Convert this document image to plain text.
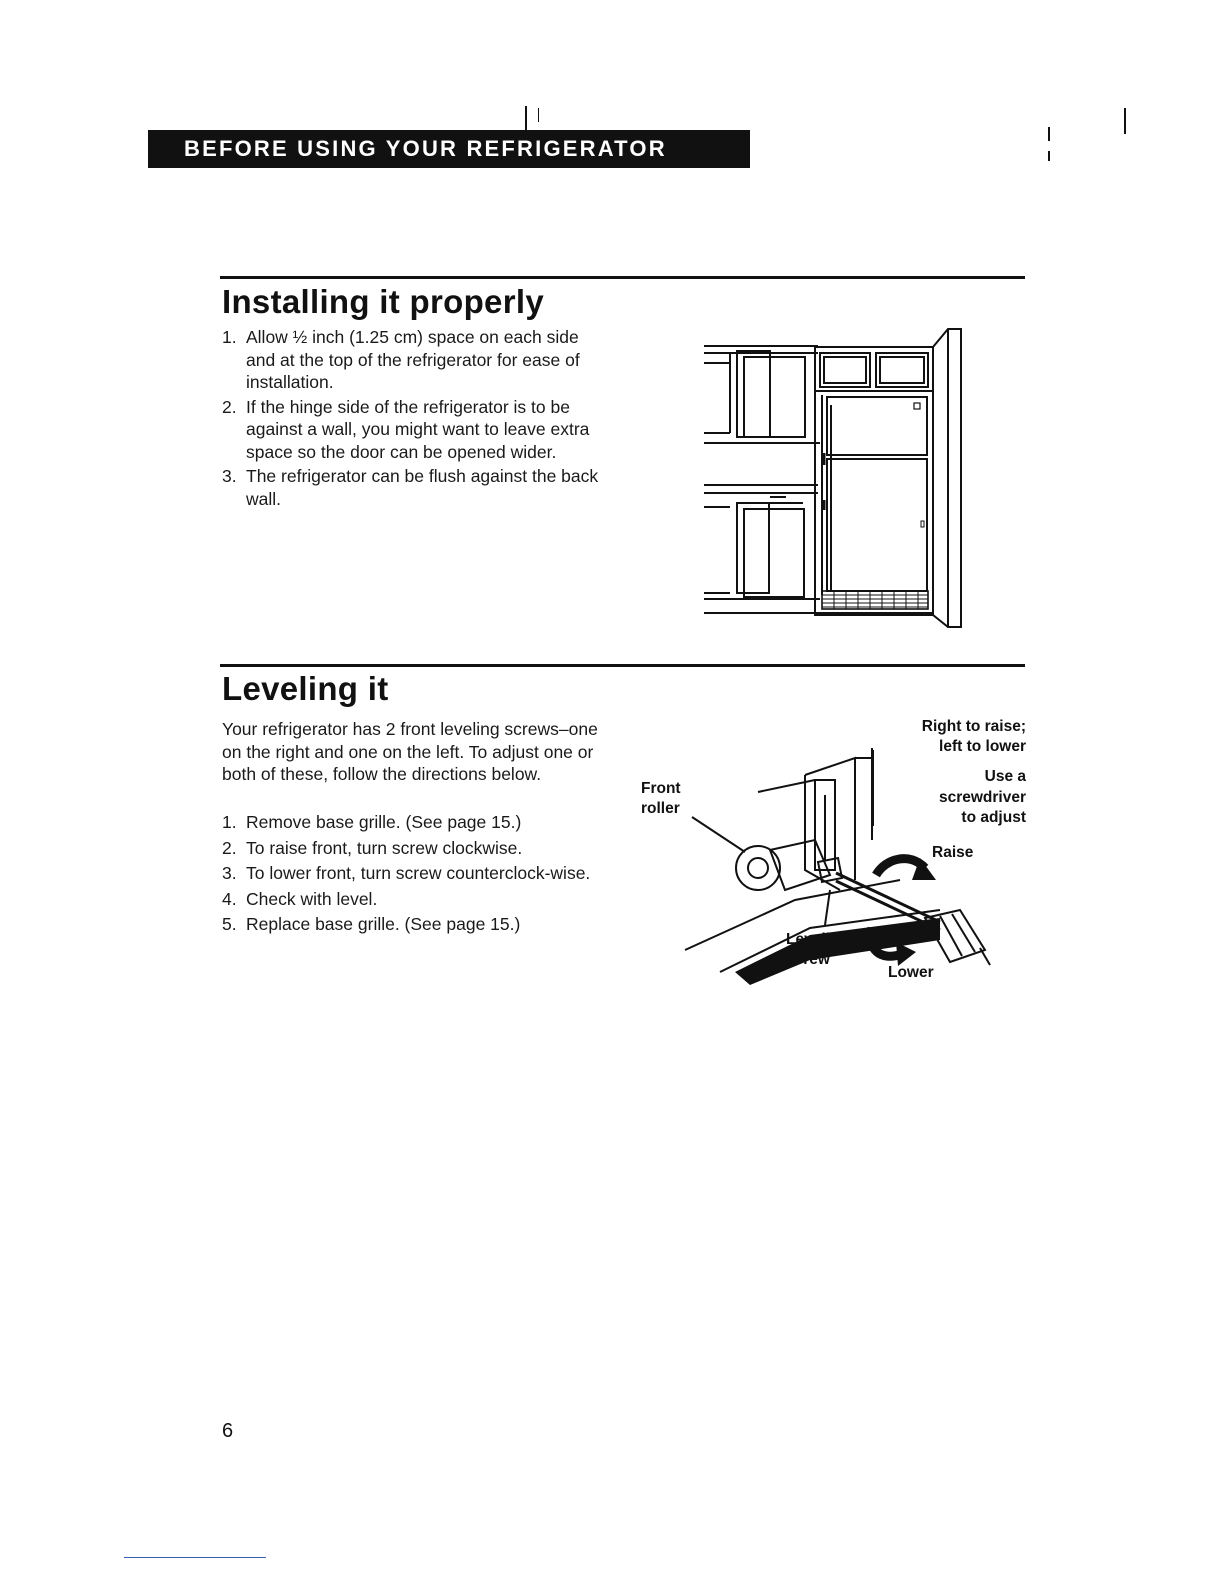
BEFORE USING YOUR REFRIGERATOR
Installing it properly
1. Allow ½ inch (1.25 cm) space on each side and at the top of the refrigerator for ease of installation.
2. If the hinge side of the refrigerator is to be against a wall, you might want to leave extra space so the door can be opened wider.
3. The refrigerator can be flush against the back wall.
Leveling it

Your refrigerator has 2 front leveling screws–one on the right and one on the left. To adjust one or both of these, follow the directions below.

1. Remove base grille. (See page 15.)
2. To raise front, turn screw clockwise.
3. To lower front, turn screw counterclock-wise.
4. Check with level.
5. Replace base grille. (See page 15.)
Right to raise;
left to lower
Use a
screwdriver
to adjust
Raise
Lower
Front
roller
Leveling
screw
6
